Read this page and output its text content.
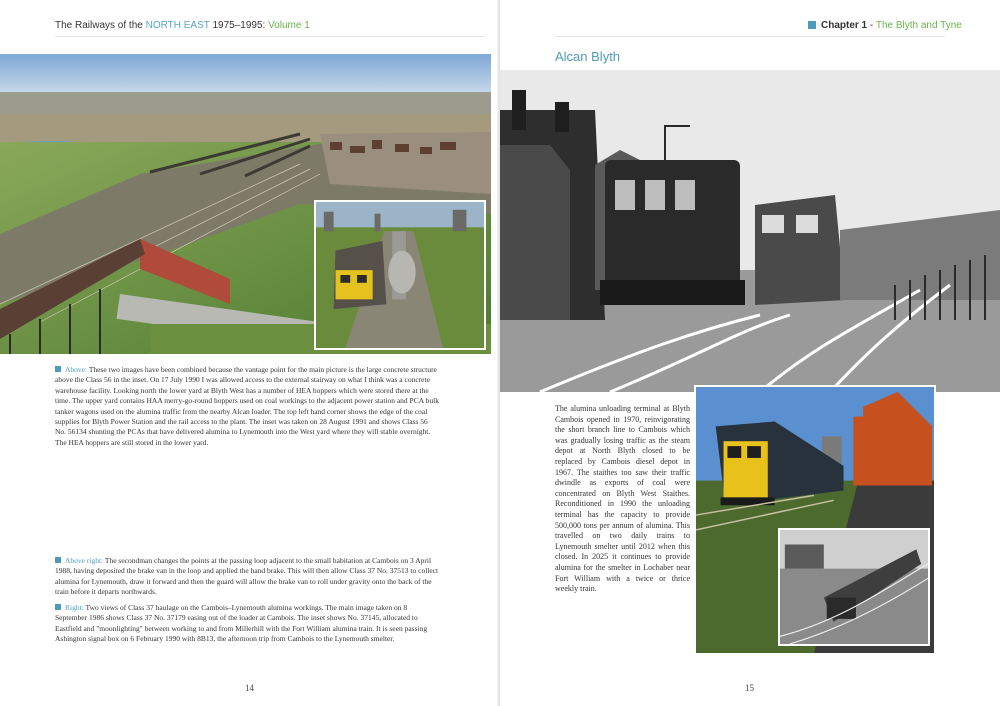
The Railways of the NORTH EAST 1975–1995: Volume 1
Above: These two images have been combined because the vantage point for the main picture is the large concrete structure above the Class 56 in the inset. On 17 July 1990 I was allowed access to the external stairway on what I think was a concrete warehouse facility. Looking north the lower yard at Blyth West has a number of HEA hoppers which were stored there at the time. The upper yard contains HAA merry-go-round hoppers used on coal workings to the adjacent power station and PCA bulk tanker wagons used on the alumina traffic from the nearby Alcan loader. The top left hand corner shows the edge of the coal supplies for Blyth Power Station and the rail access to the plant. The inset was taken on 28 August 1991 and shows Class 56 No. 56134 shunting the PCAs that have delivered alumina to Lynemouth into the West yard where they will stable overnight. The HEA hoppers are still stored in the lower yard.
Above right: The secondman changes the points at the passing loop adjacent to the small habitation at Cambois on 3 April 1988, having deposited the brake van in the loop and applied the hand brake. This will then allow Class 37 No. 37513 to collect alumina for Lynemouth, draw it forward and then the guard will allow the brake van to roll under gravity onto the back of the train before it departs northwards.
Right: Two views of Class 37 haulage on the Cambois–Lynemouth alumina workings. The main image taken on 8 September 1986 shows Class 37 No. 37179 easing out of the loader at Cambois. The inset shows No. 37145, allocated to Eastfield and "moonlighting" between working to and from Millerhill with the Fort William alumina train. It is seen passing Ashington signal box on 6 February 1990 with 8B13, the afternoon trip from Cambois to the Lynemouth smelter.
14
Chapter 1 - The Blyth and Tyne
Alcan Blyth
The alumina unloading terminal at Blyth Cambois opened in 1970, reinvigorating the short branch line to Cambois which was gradually losing traffic as the steam depot at North Blyth closed to be replaced by Cambois diesel depot in 1967. The staithes too saw their traffic dwindle as exports of coal were concentrated on Blyth West Staithes. Reconditioned in 1990 the unloading terminal has the capacity to provide 500,000 tons per annum of alumina. This travelled on two daily trains to Lynemouth smelter until 2012 when this closed. In 2025 it continues to provide alumina for the smelter in Lochaber near Fort William with a twice or thrice weekly train.
15
